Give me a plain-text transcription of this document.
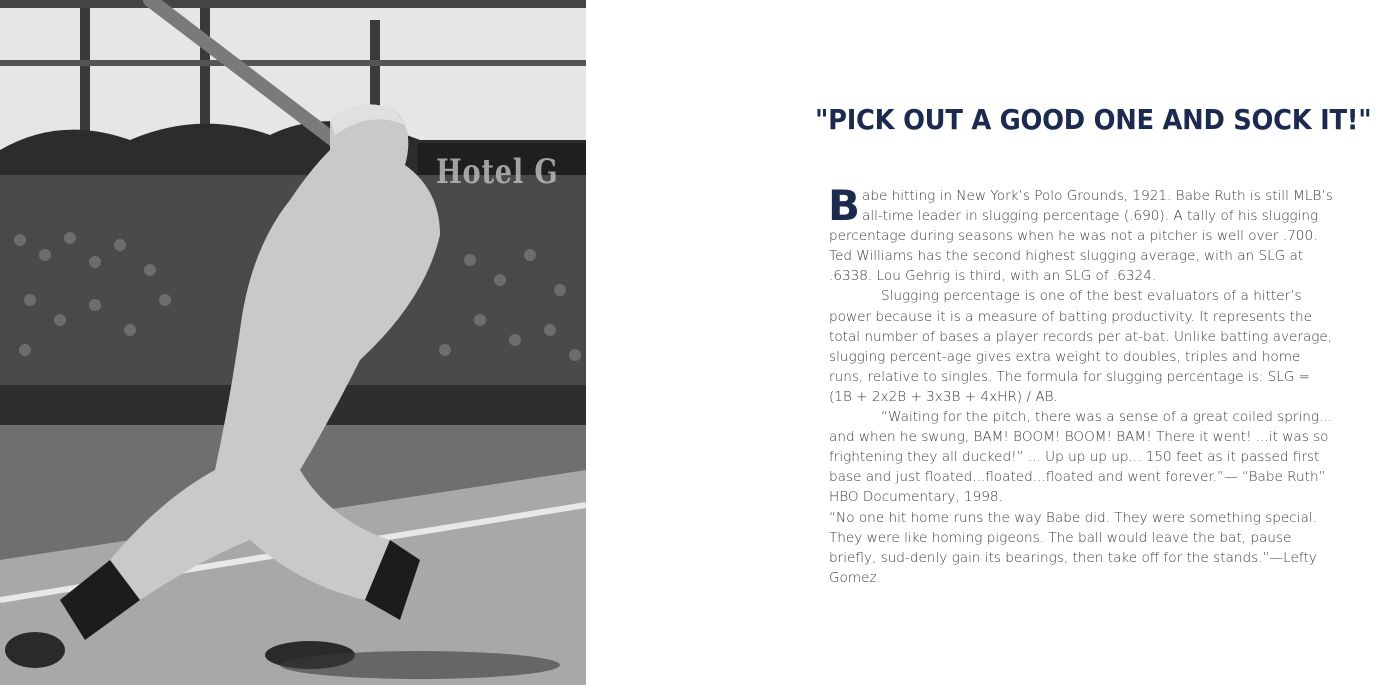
Hotel G
"PICK OUT A GOOD ONE AND SOCK IT!"

Babe hitting in New York’s Polo Grounds, 1921. Babe Ruth is still MLB’s all-time leader in slugging percentage (.690). A tally of his slugging percentage during seasons when he was not a pitcher is well over .700. Ted Williams has the second highest slugging average, with an SLG at .6338. Lou Gehrig is third, with an SLG of .6324.

Slugging percentage is one of the best evaluators of a hitter’s power because it is a measure of batting productivity. It represents the total number of bases a player records per at-bat. Unlike batting average, slugging percent-age gives extra weight to doubles, triples and home runs, relative to singles. The formula for slugging percentage is: SLG = (1B + 2x2B + 3x3B + 4xHR) / AB.

“Waiting for the pitch, there was a sense of a great coiled spring... and when he swung, BAM! BOOM! BOOM! BAM! There it went! ...it was so frightening they all ducked!” ... Up up up up... 150 feet as it passed first base and just floated...floated...floated and went forever.”— “Babe Ruth” HBO Documentary, 1998.

“No one hit home runs the way Babe did. They were something special. They were like homing pigeons. The ball would leave the bat, pause briefly, sud-denly gain its bearings, then take off for the stands.”—Lefty Gomez.
